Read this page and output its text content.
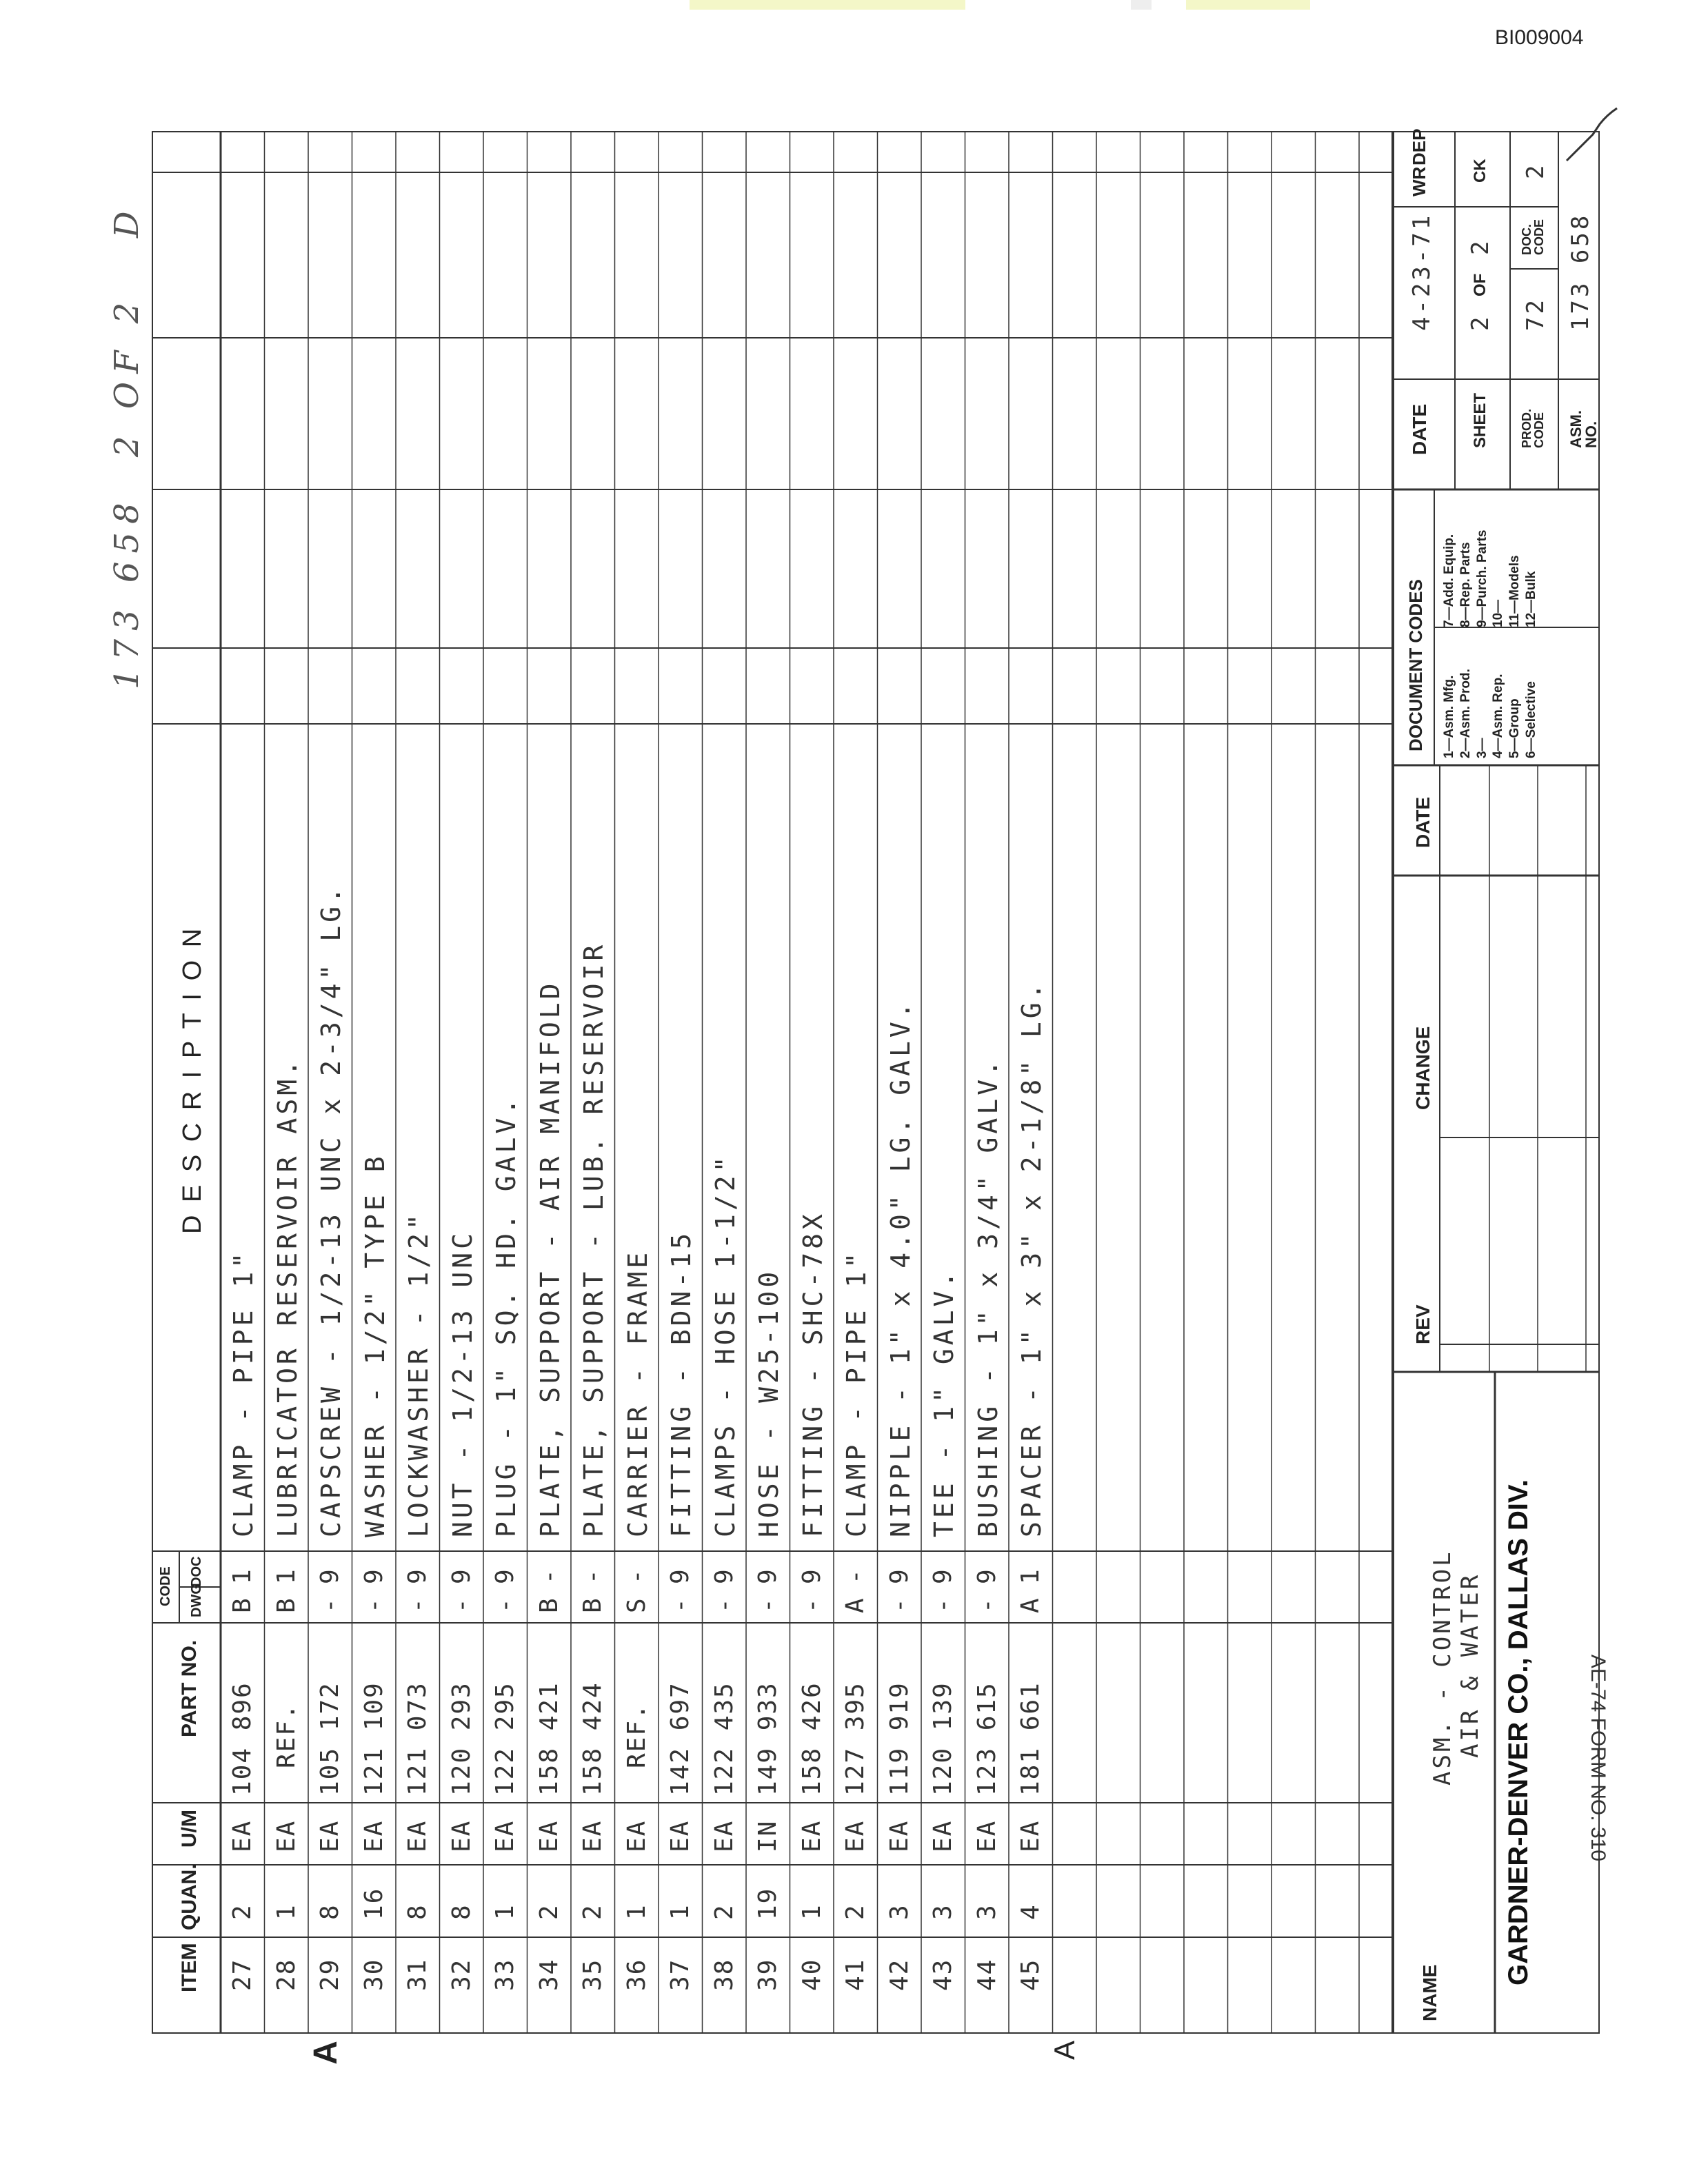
BI009004
173 658  2 OF 2   D
A	A
ITEM
QUAN.
U/M
PART NO.
CODE DWG
DOC
D E S C R I P T I O N
27
2
EA
104 896
B
1
CLAMP - PIPE 1"
28
1
EA
REF.
B
1
LUBRICATOR RESERVOIR ASM.
29
8
EA
105 172
-
9
CAPSCREW - 1/2-13 UNC x 2-3/4" LG.
30
16
EA
121 109
-
9
WASHER - 1/2" TYPE B
31
8
EA
121 073
-
9
LOCKWASHER - 1/2"
32
8
EA
120 293
-
9
NUT - 1/2-13 UNC
33
1
EA
122 295
-
9
PLUG - 1" SQ. HD. GALV.
34
2
EA
158 421
B
-
PLATE, SUPPORT - AIR MANIFOLD
35
2
EA
158 424
B
-
PLATE, SUPPORT - LUB. RESERVOIR
36
1
EA
REF.
S
-
CARRIER - FRAME
37
1
EA
142 697
-
9
FITTING - BDN-15
38
2
EA
122 435
-
9
CLAMPS - HOSE 1-1/2"
39
19
IN
149 933
-
9
HOSE - W25-100
40
1
EA
158 426
-
9
FITTING - SHC-78X
41
2
EA
127 395
A
-
CLAMP - PIPE 1"
42
3
EA
119 919
-
9
NIPPLE - 1" x 4.0" LG. GALV.
43
3
EA
120 139
-
9
TEE - 1" GALV.
44
3
EA
123 615
-
9
BUSHING - 1" x 3/4" GALV.
45
4
EA
181 661
A
1
SPACER - 1" x 3" x 2-1/8" LG.
NAME
ASM. - CONTROL AIR & WATER GARDNER-DENVER CO., DALLAS DIV.	AE-74 FORM NO. 310
REV
CHANGE
DATE
DOCUMENT CODES 1—Asm. Mfg. 2—Asm. Prod. 3— 4—Asm. Rep. 5—Group 6—Selective
7—Add. Equip. 8—Rep. Parts 9—Purch. Parts 10— 11—Models 12—Bulk
DATE
4-23-71
WR
DEP
SHEET
2
OF
2
CK
PROD. CODE
72
DOC. CODE
2
ASM. NO.
173 658
